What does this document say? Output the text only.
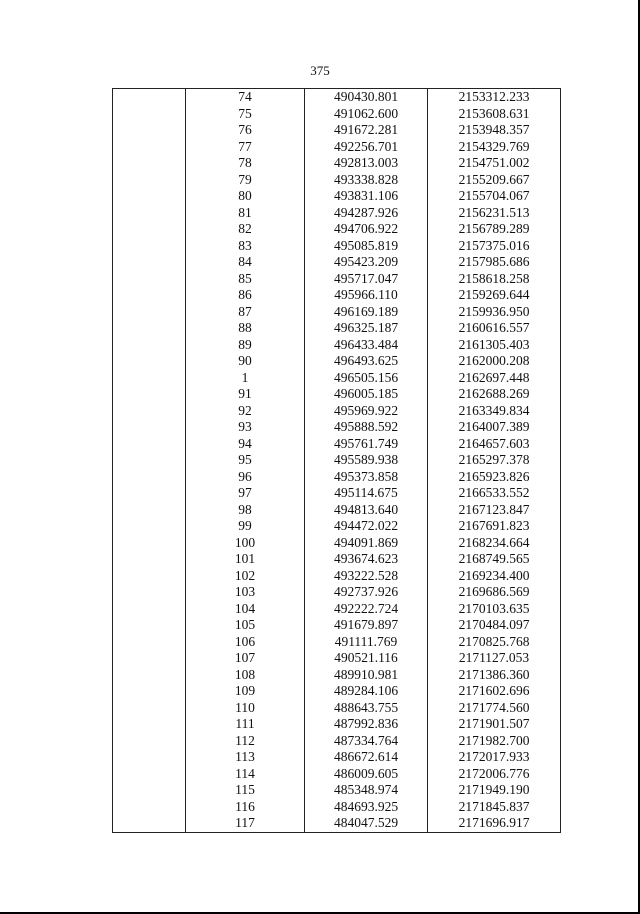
375
	74	490430.801	2153312.233
	75	491062.600	2153608.631
	76	491672.281	2153948.357
	77	492256.701	2154329.769
	78	492813.003	2154751.002
	79	493338.828	2155209.667
	80	493831.106	2155704.067
	81	494287.926	2156231.513
	82	494706.922	2156789.289
	83	495085.819	2157375.016
	84	495423.209	2157985.686
	85	495717.047	2158618.258
	86	495966.110	2159269.644
	87	496169.189	2159936.950
	88	496325.187	2160616.557
	89	496433.484	2161305.403
	90	496493.625	2162000.208
	1	496505.156	2162697.448
	91	496005.185	2162688.269
	92	495969.922	2163349.834
	93	495888.592	2164007.389
	94	495761.749	2164657.603
	95	495589.938	2165297.378
	96	495373.858	2165923.826
	97	495114.675	2166533.552
	98	494813.640	2167123.847
	99	494472.022	2167691.823
	100	494091.869	2168234.664
	101	493674.623	2168749.565
	102	493222.528	2169234.400
	103	492737.926	2169686.569
	104	492222.724	2170103.635
	105	491679.897	2170484.097
	106	491111.769	2170825.768
	107	490521.116	2171127.053
	108	489910.981	2171386.360
	109	489284.106	2171602.696
	110	488643.755	2171774.560
	111	487992.836	2171901.507
	112	487334.764	2171982.700
	113	486672.614	2172017.933
	114	486009.605	2172006.776
	115	485348.974	2171949.190
	116	484693.925	2171845.837
	117	484047.529	2171696.917
